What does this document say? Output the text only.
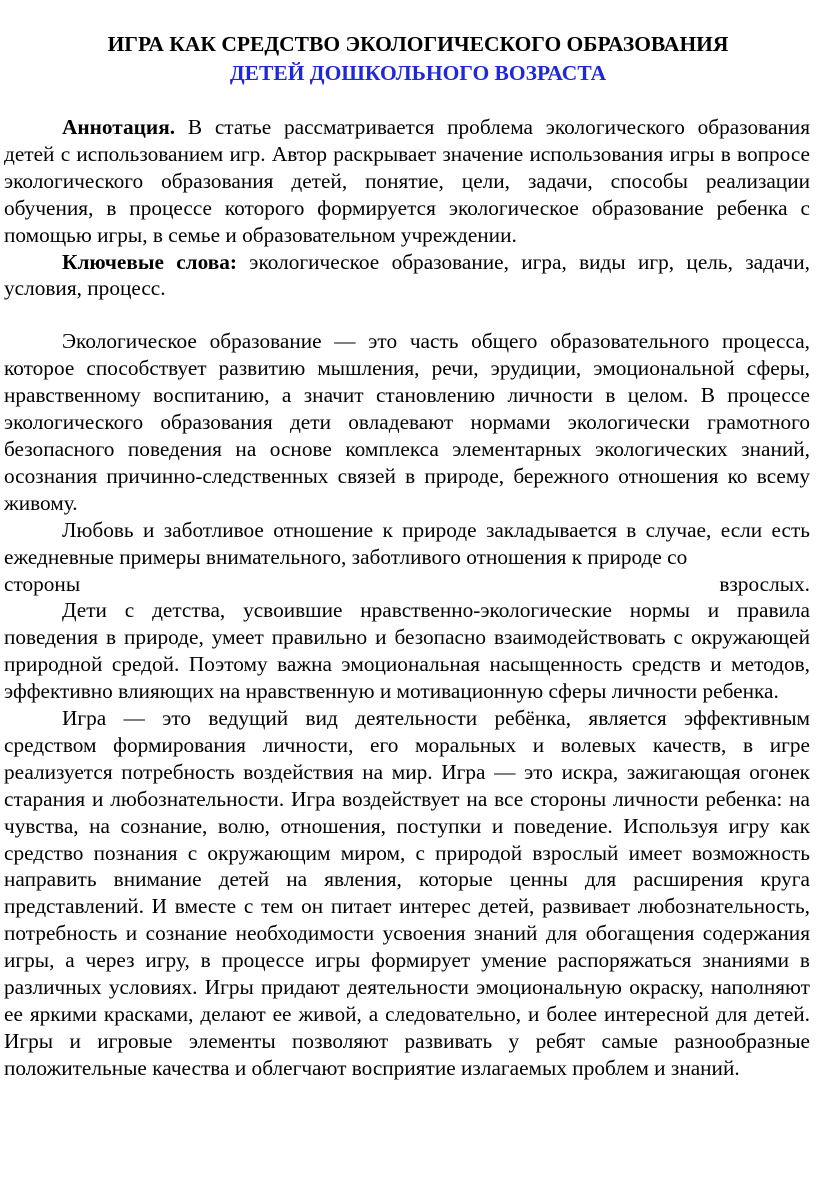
ИГРА КАК СРЕДСТВО ЭКОЛОГИЧЕСКОГО ОБРАЗОВАНИЯ
ДЕТЕЙ ДОШКОЛЬНОГО ВОЗРАСТА

Аннотация. В статье рассматривается проблема экологического образования детей с использованием игр. Автор раскрывает значение использования игры в вопросе экологического образования детей, понятие, цели, задачи, способы реализации обучения, в процессе которого формируется экологическое образование ребенка с помощью игры, в семье и образовательном учреждении.

Ключевые слова: экологическое образование, игра, виды игр, цель, задачи, условия, процесс.

Экологическое образование — это часть общего образовательного процесса, которое способствует развитию мышления, речи, эрудиции, эмоциональной сферы, нравственному воспитанию, а значит становлению личности в целом. В процессе экологического образования дети овладевают нормами экологически грамотного безопасного поведения на основе комплекса элементарных экологических знаний, осознания причинно-следственных связей в природе, бережного отношения ко всему живому.

Любовь и заботливое отношение к природе закладывается в случае, если есть ежедневные примеры внимательного, заботливого отношения к природе со

стороны	взрослых.

Дети с детства, усвоившие нравственно-экологические нормы и правила поведения в природе, умеет правильно и безопасно взаимодействовать с окружающей природной средой. Поэтому важна эмоциональная насыщенность средств и методов, эффективно влияющих на нравственную и мотивационную сферы личности ребенка.

Игра — это ведущий вид деятельности ребёнка, является эффективным средством формирования личности, его моральных и волевых качеств, в игре реализуется потребность воздействия на мир. Игра — это искра, зажигающая огонек старания и любознательности. Игра воздействует на все стороны личности ребенка: на чувства, на сознание, волю, отношения, поступки и поведение. Используя игру как средство познания с окружающим миром, с природой взрослый имеет возможность направить внимание детей на явления, которые ценны для расширения круга представлений. И вместе с тем он питает интерес детей, развивает любознательность, потребность и сознание необходимости усвоения знаний для обогащения содержания игры, а через игру, в процессе игры формирует умение распоряжаться знаниями в различных условиях. Игры придают деятельности эмоциональную окраску, наполняют ее яркими красками, делают ее живой, а следовательно, и более интересной для детей. Игры и игровые элементы позволяют развивать у ребят самые разнообразные положительные качества и облегчают восприятие излагаемых проблем и знаний.
